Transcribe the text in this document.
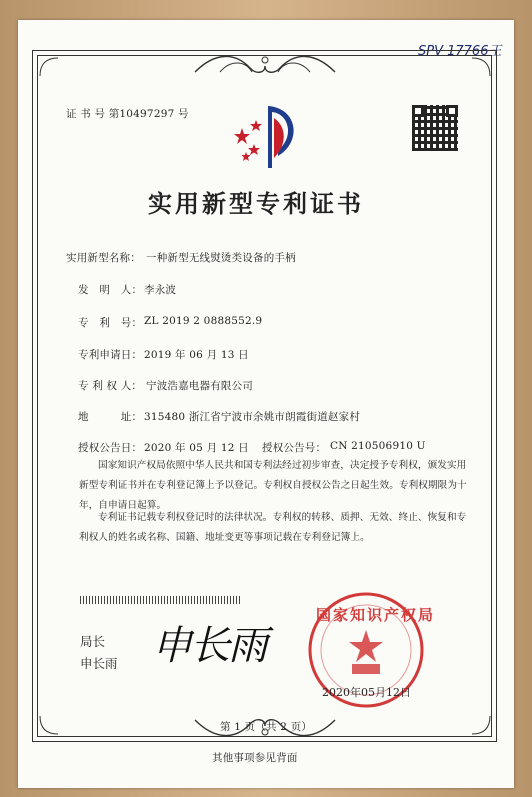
SPV 17766王
证 书 号 第10497297 号
实用新型专利证书
实用新型名称： 一种新型无线熨烫类设备的手柄
发　明　人： 李永波
专　利　号： ZL 2019 2 0888552.9
专利申请日： 2019 年 06 月 13 日
专 利 权 人： 宁波浩嘉电器有限公司
地　　　址： 315480 浙江省宁波市余姚市朗霞街道赵家村
授权公告日： 2020 年 05 月 12 日 授权公告号： CN 210506910 U
国家知识产权局依照中华人民共和国专利法经过初步审查，决定授予专利权，颁发实用
新型专利证书并在专利登记簿上予以登记。专利权自授权公告之日起生效。专利权期限为十
年，自申请日起算。
专利证书记载专利权登记时的法律状况。专利权的转移、质押、无效、终止、恢复和专
利权人的姓名或名称、国籍、地址变更等事项记载在专利登记簿上。
局长
申长雨 申长雨
国家知识产权局
2020年05月12日
第 1 页（共 2 页）
其他事项参见背面
